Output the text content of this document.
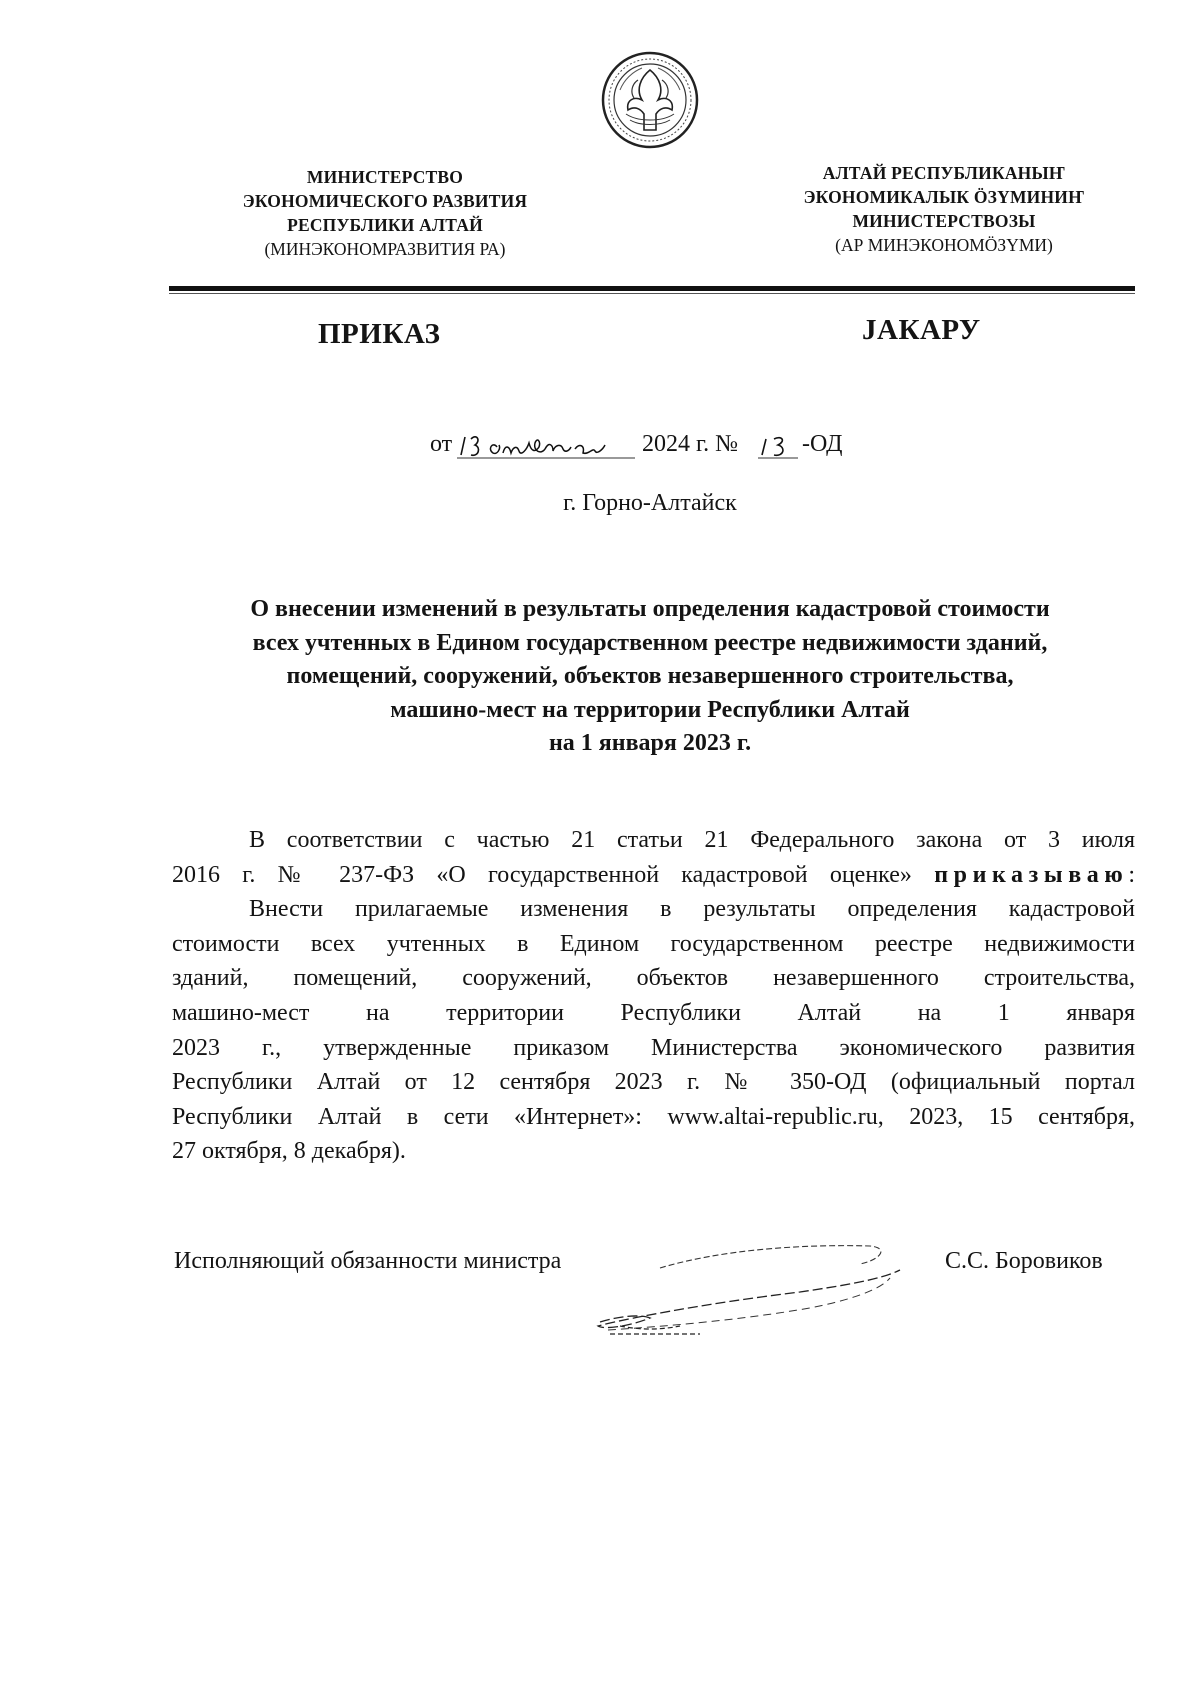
МИНИСТЕРСТВО
ЭКОНОМИЧЕСКОГО РАЗВИТИЯ
РЕСПУБЛИКИ АЛТАЙ
(МИНЭКОНОМРАЗВИТИЯ РА)
АЛТАЙ РЕСПУБЛИКАНЫҤ
ЭКОНОМИКАЛЫК ÖЗҮМИНИҤ
МИНИСТЕРСТВОЗЫ
(АР МИНЭКОНОМÖЗҮМИ)
ПРИКАЗ	ЈАКАРУ
от	2024 г. №	-ОД
г. Горно-Алтайск
О внесении изменений в результаты определения кадастровой стоимости
всех учтенных в Едином государственном реестре недвижимости зданий,
помещений, сооружений, объектов незавершенного строительства,
машино-мест на территории Республики Алтай
на 1 января 2023 г.
В соответствии с частью 21 статьи 21 Федерального закона от 3 июля
2016 г. № 237-ФЗ «О государственной кадастровой оценке» приказываю:
Внести прилагаемые изменения в результаты определения кадастровой
стоимости всех учтенных в Едином государственном реестре недвижимости
зданий, помещений, сооружений, объектов незавершенного строительства,
машино-мест на территории Республики Алтай на 1 января
2023 г., утвержденные приказом Министерства экономического развития
Республики Алтай от 12 сентября 2023 г. № 350-ОД (официальный портал
Республики Алтай в сети «Интернет»: www.altai-republic.ru, 2023, 15 сентября,
27 октября, 8 декабря).
Исполняющий обязанности министра	С.С. Боровиков
